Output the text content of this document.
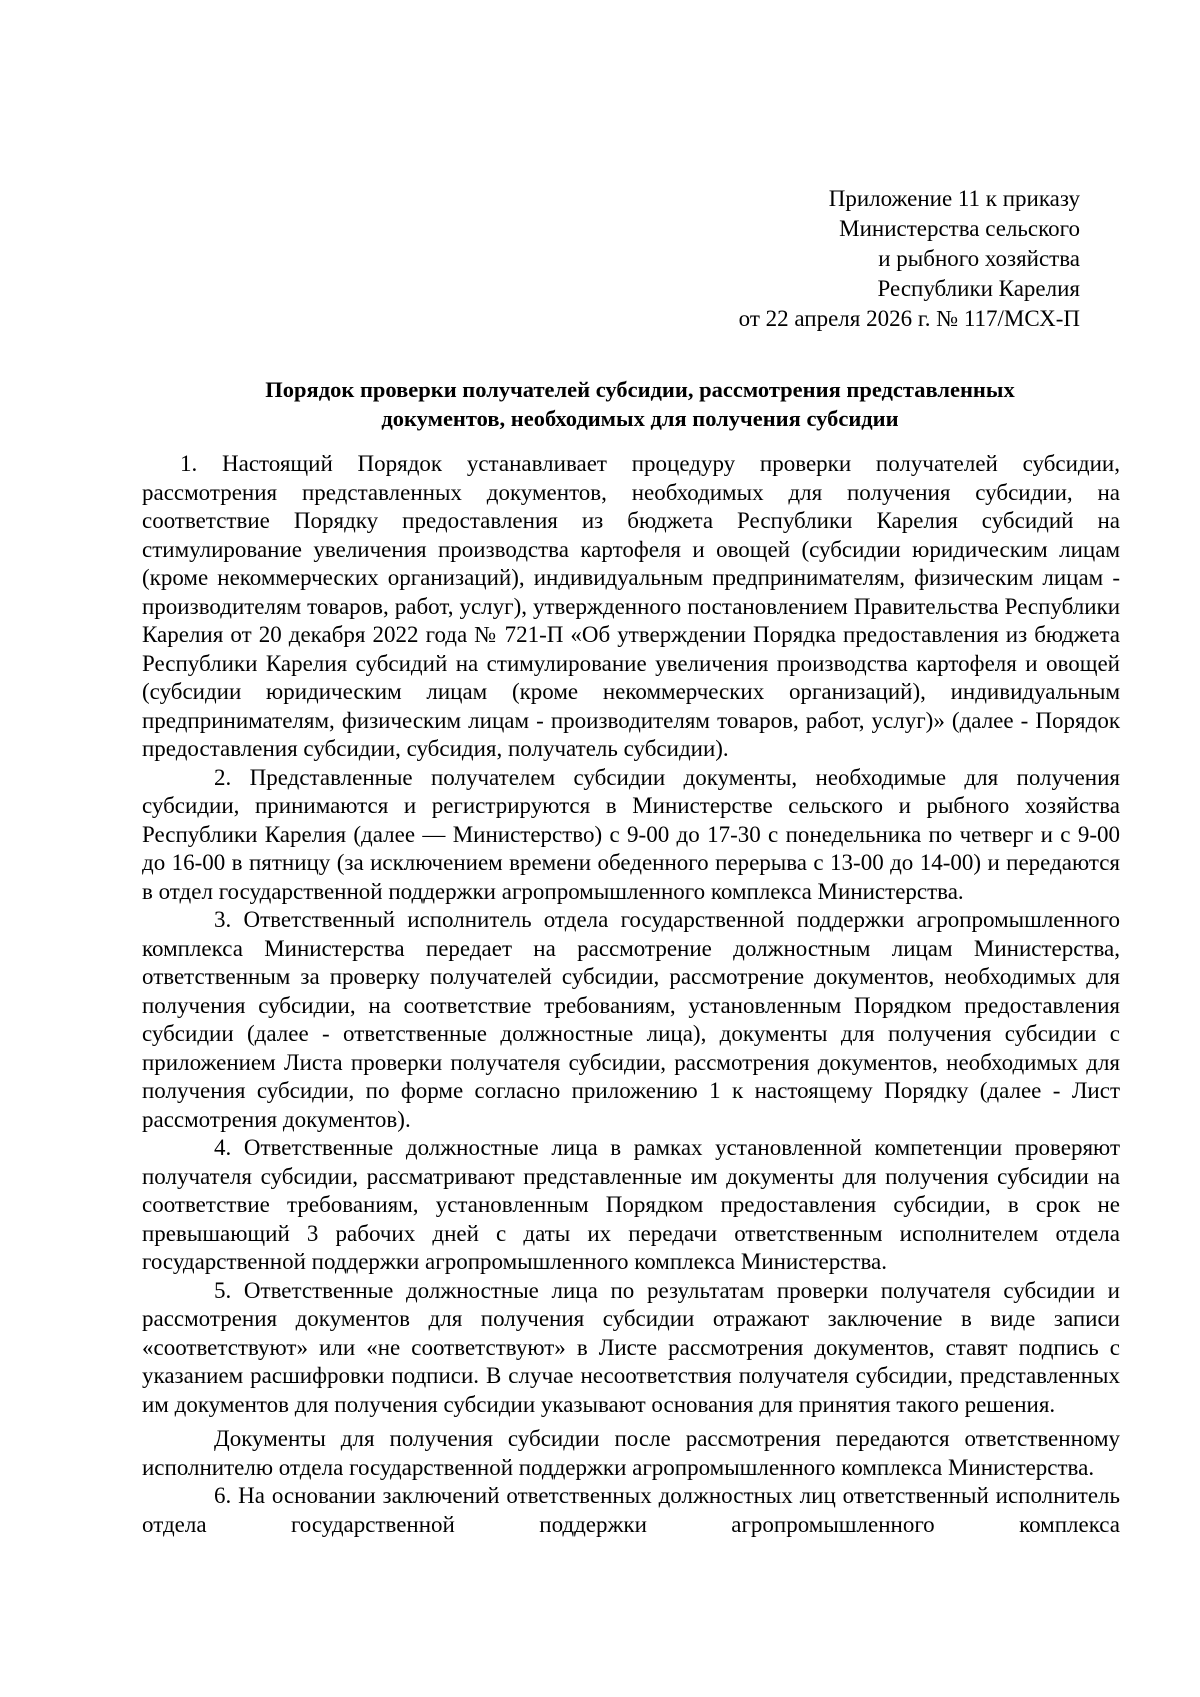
Приложение 11 к приказу
Министерства сельского
и рыбного хозяйства
Республики Карелия
от 22 апреля 2026 г. № 117/МСХ-П
Порядок проверки получателей субсидии, рассмотрения представленных
документов, необходимых для получения субсидии

1. Настоящий Порядок устанавливает процедуру проверки получателей субсидии, рассмотрения представленных документов, необходимых для получения субсидии, на соответствие Порядку предоставления из бюджета Республики Карелия субсидий на стимулирование увеличения производства картофеля и овощей (субсидии юридическим лицам (кроме некоммерческих организаций), индивидуальным предпринимателям, физическим лицам - производителям товаров, работ, услуг), утвержденного постановлением Правительства Республики Карелия от 20 декабря 2022 года № 721-П «Об утверждении Порядка предоставления из бюджета Республики Карелия субсидий на стимулирование увеличения производства картофеля и овощей (субсидии юридическим лицам (кроме некоммерческих организаций), индивидуальным предпринимателям, физическим лицам - производителям товаров, работ, услуг)» (далее - Порядок предоставления субсидии, субсидия, получатель субсидии).

2. Представленные получателем субсидии документы, необходимые для получения субсидии, принимаются и регистрируются в Министерстве сельского и рыбного хозяйства Республики Карелия (далее — Министерство) с 9-00 до 17-30 с понедельника по четверг и с 9-00 до 16-00 в пятницу (за исключением времени обеденного перерыва с 13-00 до 14-00) и передаются в отдел государственной поддержки агропромышленного комплекса Министерства.

3. Ответственный исполнитель отдела государственной поддержки агропромышленного комплекса Министерства передает на рассмотрение должностным лицам Министерства, ответственным за проверку получателей субсидии, рассмотрение документов, необходимых для получения субсидии, на соответствие требованиям, установленным Порядком предоставления субсидии (далее - ответственные должностные лица), документы для получения субсидии с приложением Листа проверки получателя субсидии, рассмотрения документов, необходимых для получения субсидии, по форме согласно приложению 1 к настоящему Порядку (далее - Лист рассмотрения документов).

4. Ответственные должностные лица в рамках установленной компетенции проверяют получателя субсидии, рассматривают представленные им документы для получения субсидии на соответствие требованиям, установленным Порядком предоставления субсидии, в срок не превышающий 3 рабочих дней с даты их передачи ответственным исполнителем отдела государственной поддержки агропромышленного комплекса Министерства.

5. Ответственные должностные лица по результатам проверки получателя субсидии и рассмотрения документов для получения субсидии отражают заключение в виде записи «соответствуют» или «не соответствуют» в Листе рассмотрения документов, ставят подпись с указанием расшифровки подписи. В случае несоответствия получателя субсидии, представленных им документов для получения субсидии указывают основания для принятия такого решения.

Документы для получения субсидии после рассмотрения передаются ответственному исполнителю отдела государственной поддержки агропромышленного комплекса Министерства.

6. На основании заключений ответственных должностных лиц ответственный исполнитель отдела государственной поддержки агропромышленного комплекса
